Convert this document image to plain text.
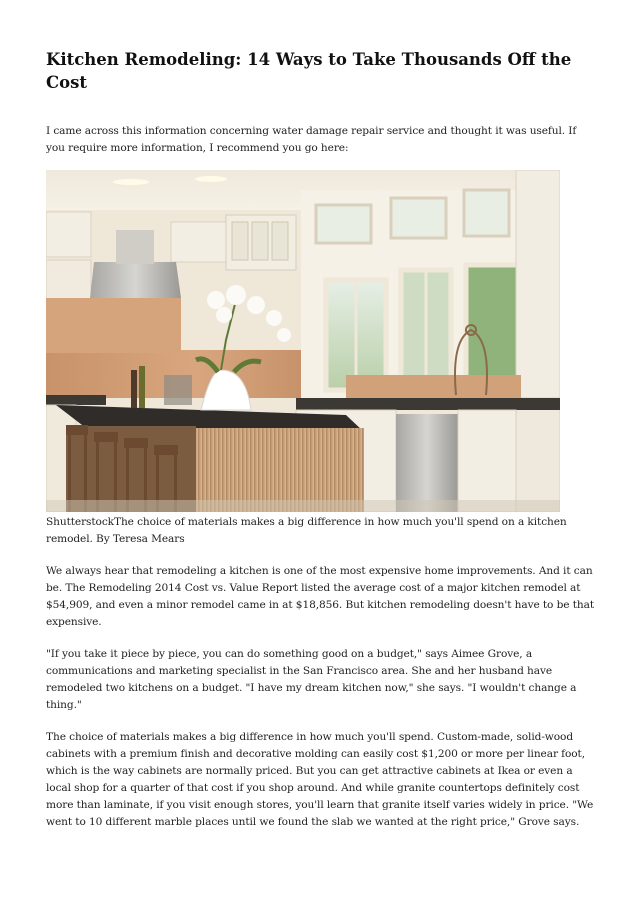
Kitchen Remodeling: 14 Ways to Take Thousands Off the Cost

I came across this information concerning water damage repair service and thought it was useful. If you require more information, I recommend you go here:

ShutterstockThe choice of materials makes a big difference in how much you'll spend on a kitchen remodel. By Teresa Mears

We always hear that remodeling a kitchen is one of the most expensive home improvements. And it can be. The Remodeling 2014 Cost vs. Value Report listed the average cost of a major kitchen remodel at $54,909, and even a minor remodel came in at $18,856. But kitchen remodeling doesn't have to be that expensive.

"If you take it piece by piece, you can do something good on a budget," says Aimee Grove, a communications and marketing specialist in the San Francisco area. She and her husband have remodeled two kitchens on a budget. "I have my dream kitchen now," she says. "I wouldn't change a thing."

The choice of materials makes a big difference in how much you'll spend. Custom-made, solid-wood cabinets with a premium finish and decorative molding can easily cost $1,200 or more per linear foot, which is the way cabinets are normally priced. But you can get attractive cabinets at Ikea or even a local shop for a quarter of that cost if you shop around. And while granite countertops definitely cost more than laminate, if you visit enough stores, you'll learn that granite itself varies widely in price. "We went to 10 different marble places until we found the slab we wanted at the right price," Grove says.
